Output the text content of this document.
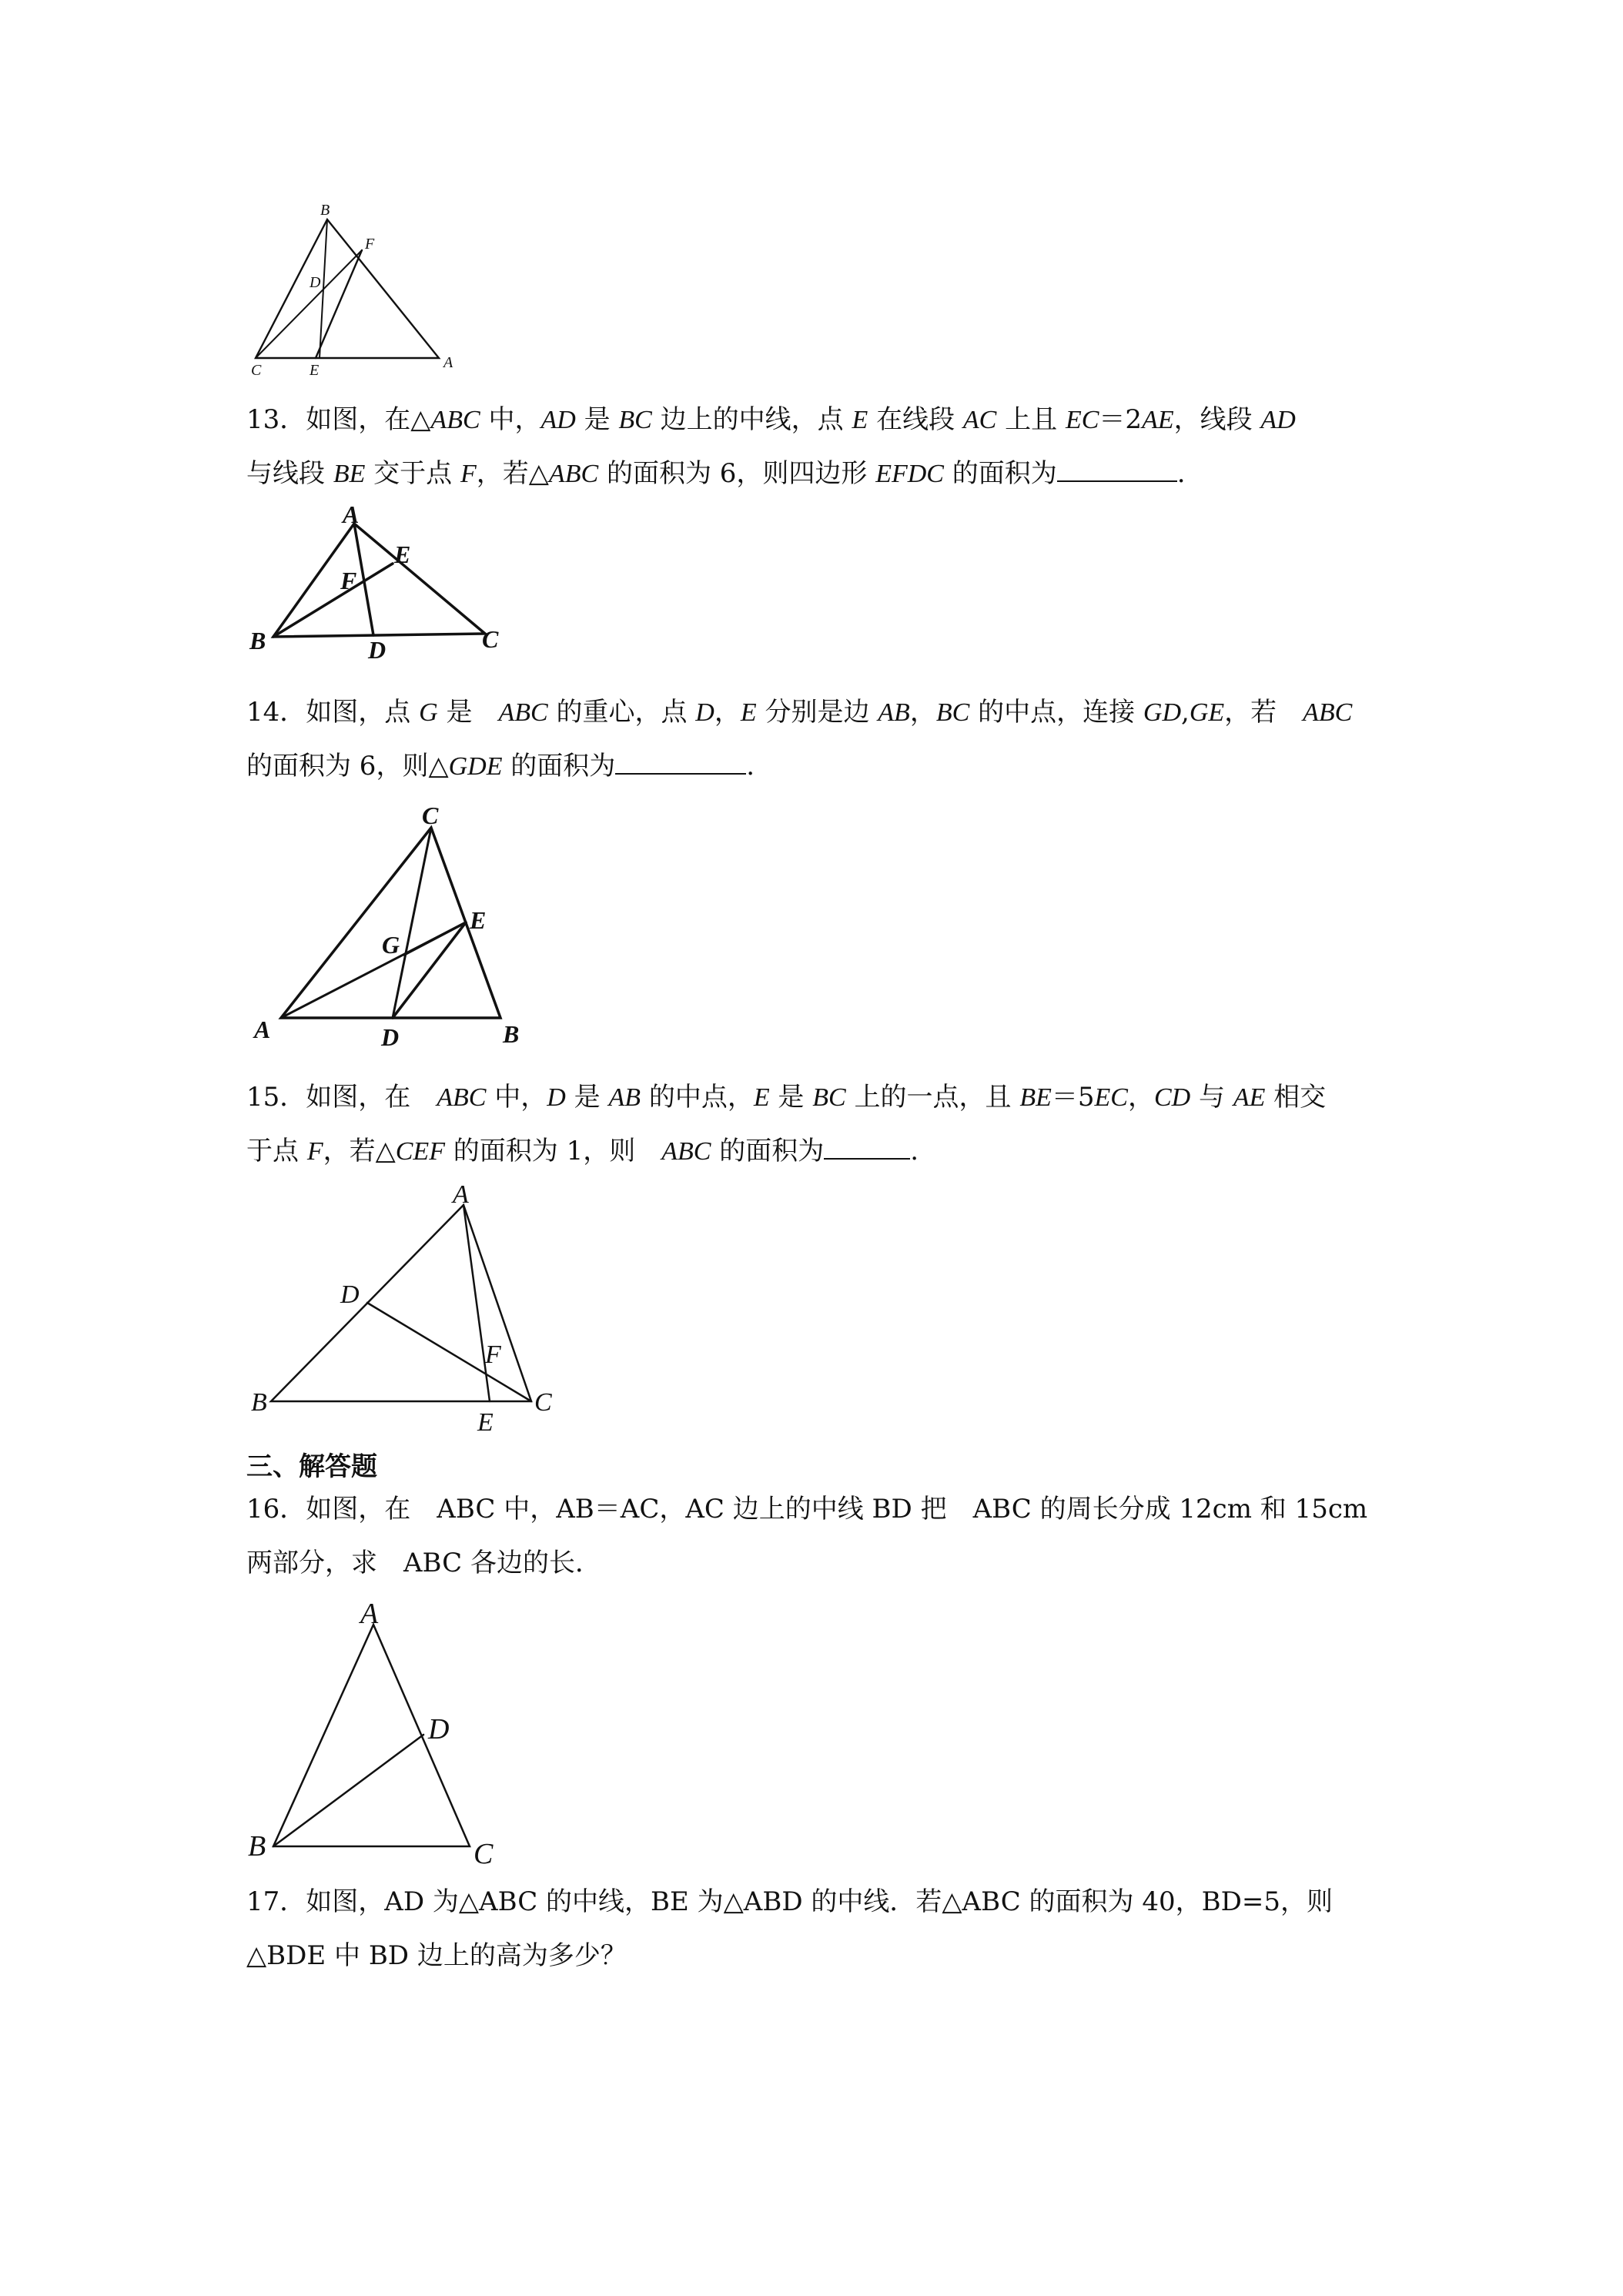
B
F
D
C	E	A
13．如图，在△ABC 中，AD 是 BC 边上的中线，点 E 在线段 AC 上且 EC＝2AE，线段 AD
与线段 BE 交于点 F，若△ABC 的面积为 6，则四边形 EFDC 的面积为	.
A
E
F
B	D	C
14．如图，点 G 是　ABC 的重心，点 D，E 分别是边 AB，BC 的中点，连接 GD,GE，若　ABC
的面积为 6，则△GDE 的面积为	.
C
E
G
A	D	B
15．如图，在　ABC 中，D 是 AB 的中点，E 是 BC 上的一点，且 BE＝5EC，CD 与 AE 相交
于点 F，若△CEF 的面积为 1，则　ABC 的面积为	.
A
D
F
B
E
C
三、解答题
16．如图，在　ABC 中，AB＝AC，AC 边上的中线 BD 把　ABC 的周长分成 12cm 和 15cm
两部分，求　ABC 各边的长．
A
D
B	C
17．如图，AD 为△ABC 的中线，BE 为△ABD 的中线．若△ABC 的面积为 40，BD=5，则
△BDE 中 BD 边上的高为多少？
